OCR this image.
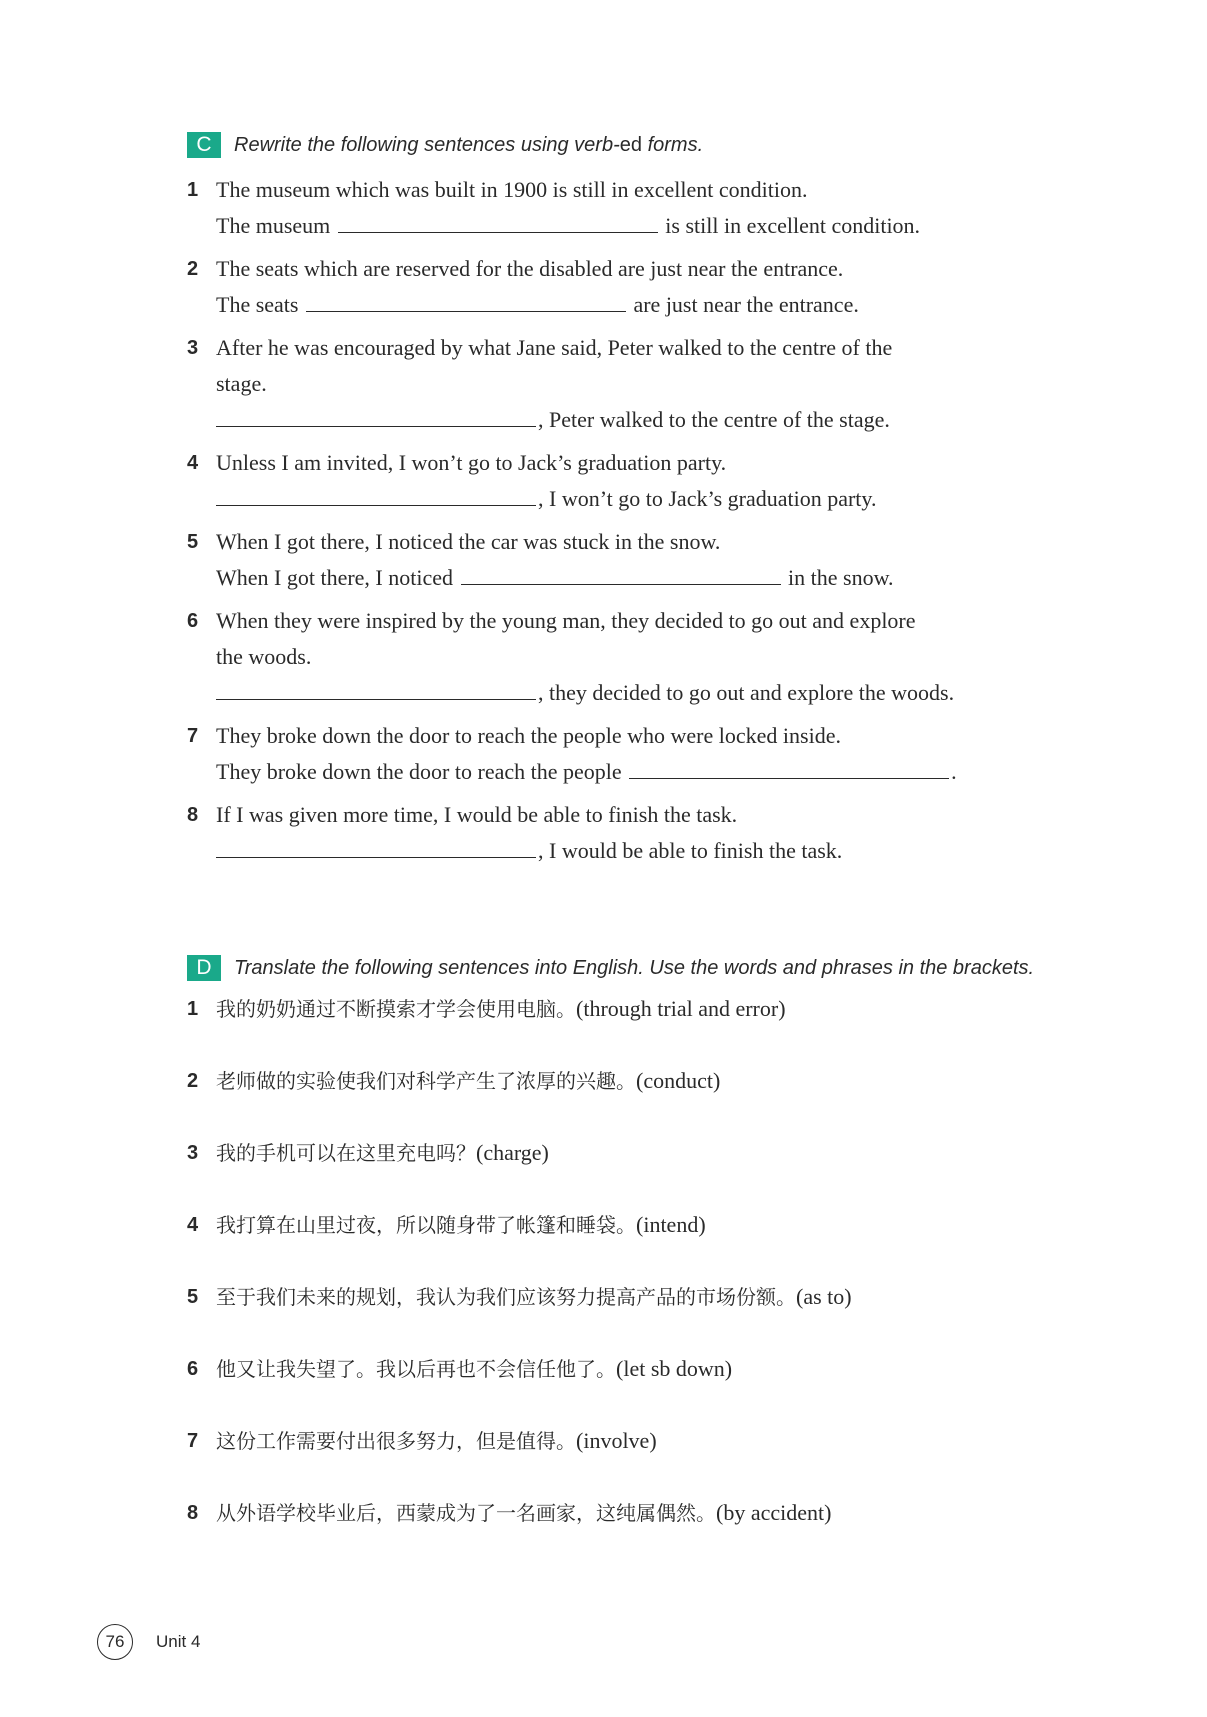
C	Rewrite the following sentences using verb-ed forms.
1 The museum which was built in 1900 is still in excellent condition.
The museum	is still in excellent condition.
2 The seats which are reserved for the disabled are just near the entrance.
The seats	are just near the entrance.
3 After he was encouraged by what Jane said, Peter walked to the centre of the
stage.
, Peter walked to the centre of the stage.
4 Unless I am invited, I won’t go to Jack’s graduation party.
, I won’t go to Jack’s graduation party.
5 When I got there, I noticed the car was stuck in the snow.
When I got there, I noticed	in the snow.
6 When they were inspired by the young man, they decided to go out and explore
the woods.
, they decided to go out and explore the woods.
7 They broke down the door to reach the people who were locked inside.
They broke down the door to reach the people	.
8 If I was given more time, I would be able to finish the task.
, I would be able to finish the task.
D	Translate the following sentences into English. Use the words and phrases in the brackets.
1 我的奶奶通过不断摸索才学会使用电脑。(through trial and error)
2 老师做的实验使我们对科学产生了浓厚的兴趣。(conduct)
3 我的手机可以在这里充电吗？(charge)
4 我打算在山里过夜，所以随身带了帐篷和睡袋。(intend)
5 至于我们未来的规划，我认为我们应该努力提高产品的市场份额。(as to)
6 他又让我失望了。我以后再也不会信任他了。(let sb down)
7 这份工作需要付出很多努力，但是值得。(involve)
8 从外语学校毕业后，西蒙成为了一名画家，这纯属偶然。(by accident)
76	Unit 4
